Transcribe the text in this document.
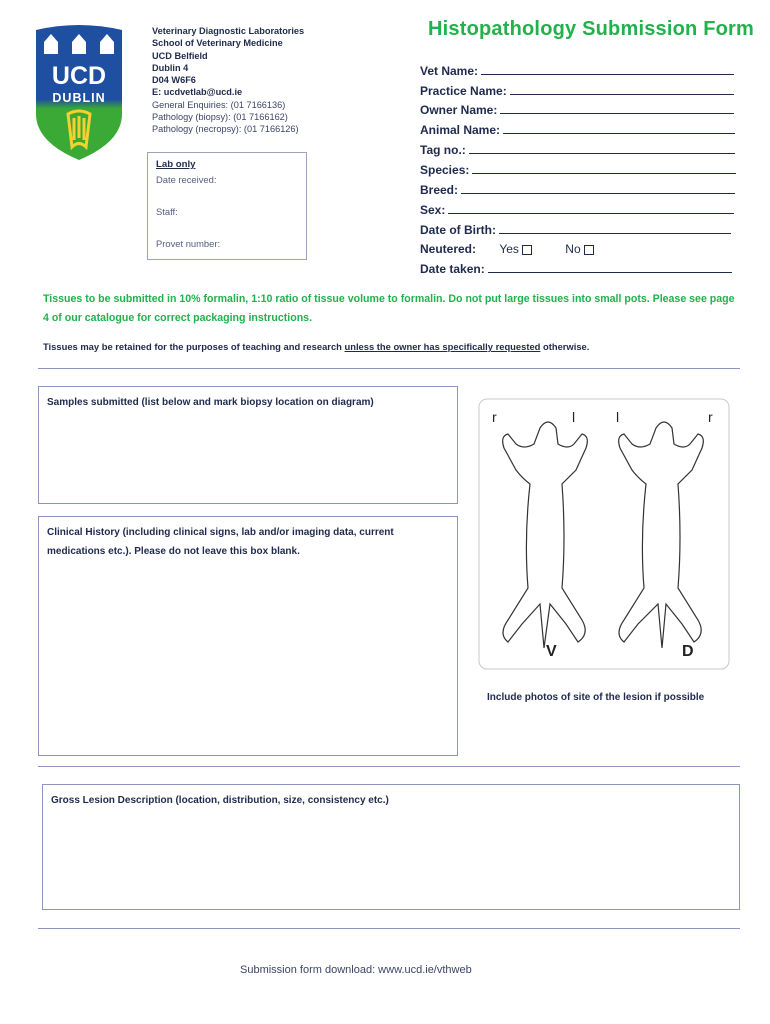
UCD
DUBLIN
Veterinary Diagnostic Laboratories
School of Veterinary Medicine
UCD Belfield
Dublin 4
D04 W6F6
E: ucdvetlab@ucd.ie
General Enquiries: (01 7166136)
Pathology (biopsy): (01 7166162)
Pathology (necropsy): (01 7166126)
Lab only
Date received:
Staff:
Provet number:
Histopathology Submission Form
Vet Name:
Practice Name:
Owner Name:
Animal Name:
Tag no.:
Species:
Breed:
Sex:
Date of Birth:
Neutered: Yes	No
Date taken:
Tissues to be submitted in 10% formalin, 1:10 ratio of tissue volume to formalin. Do not put large tissues into small pots. Please see page 4 of our catalogue for correct packaging instructions.
Tissues may be retained for the purposes of teaching and research unless the owner has specifically requested otherwise.
Samples submitted (list below and mark biopsy location on diagram)
Clinical History (including clinical signs, lab and/or imaging data, current medications etc.). Please do not leave this box blank.
r	l	l	r
V	D
Include photos of site of the lesion if possible
Gross Lesion Description (location, distribution, size, consistency etc.)
Submission form download: www.ucd.ie/vthweb
